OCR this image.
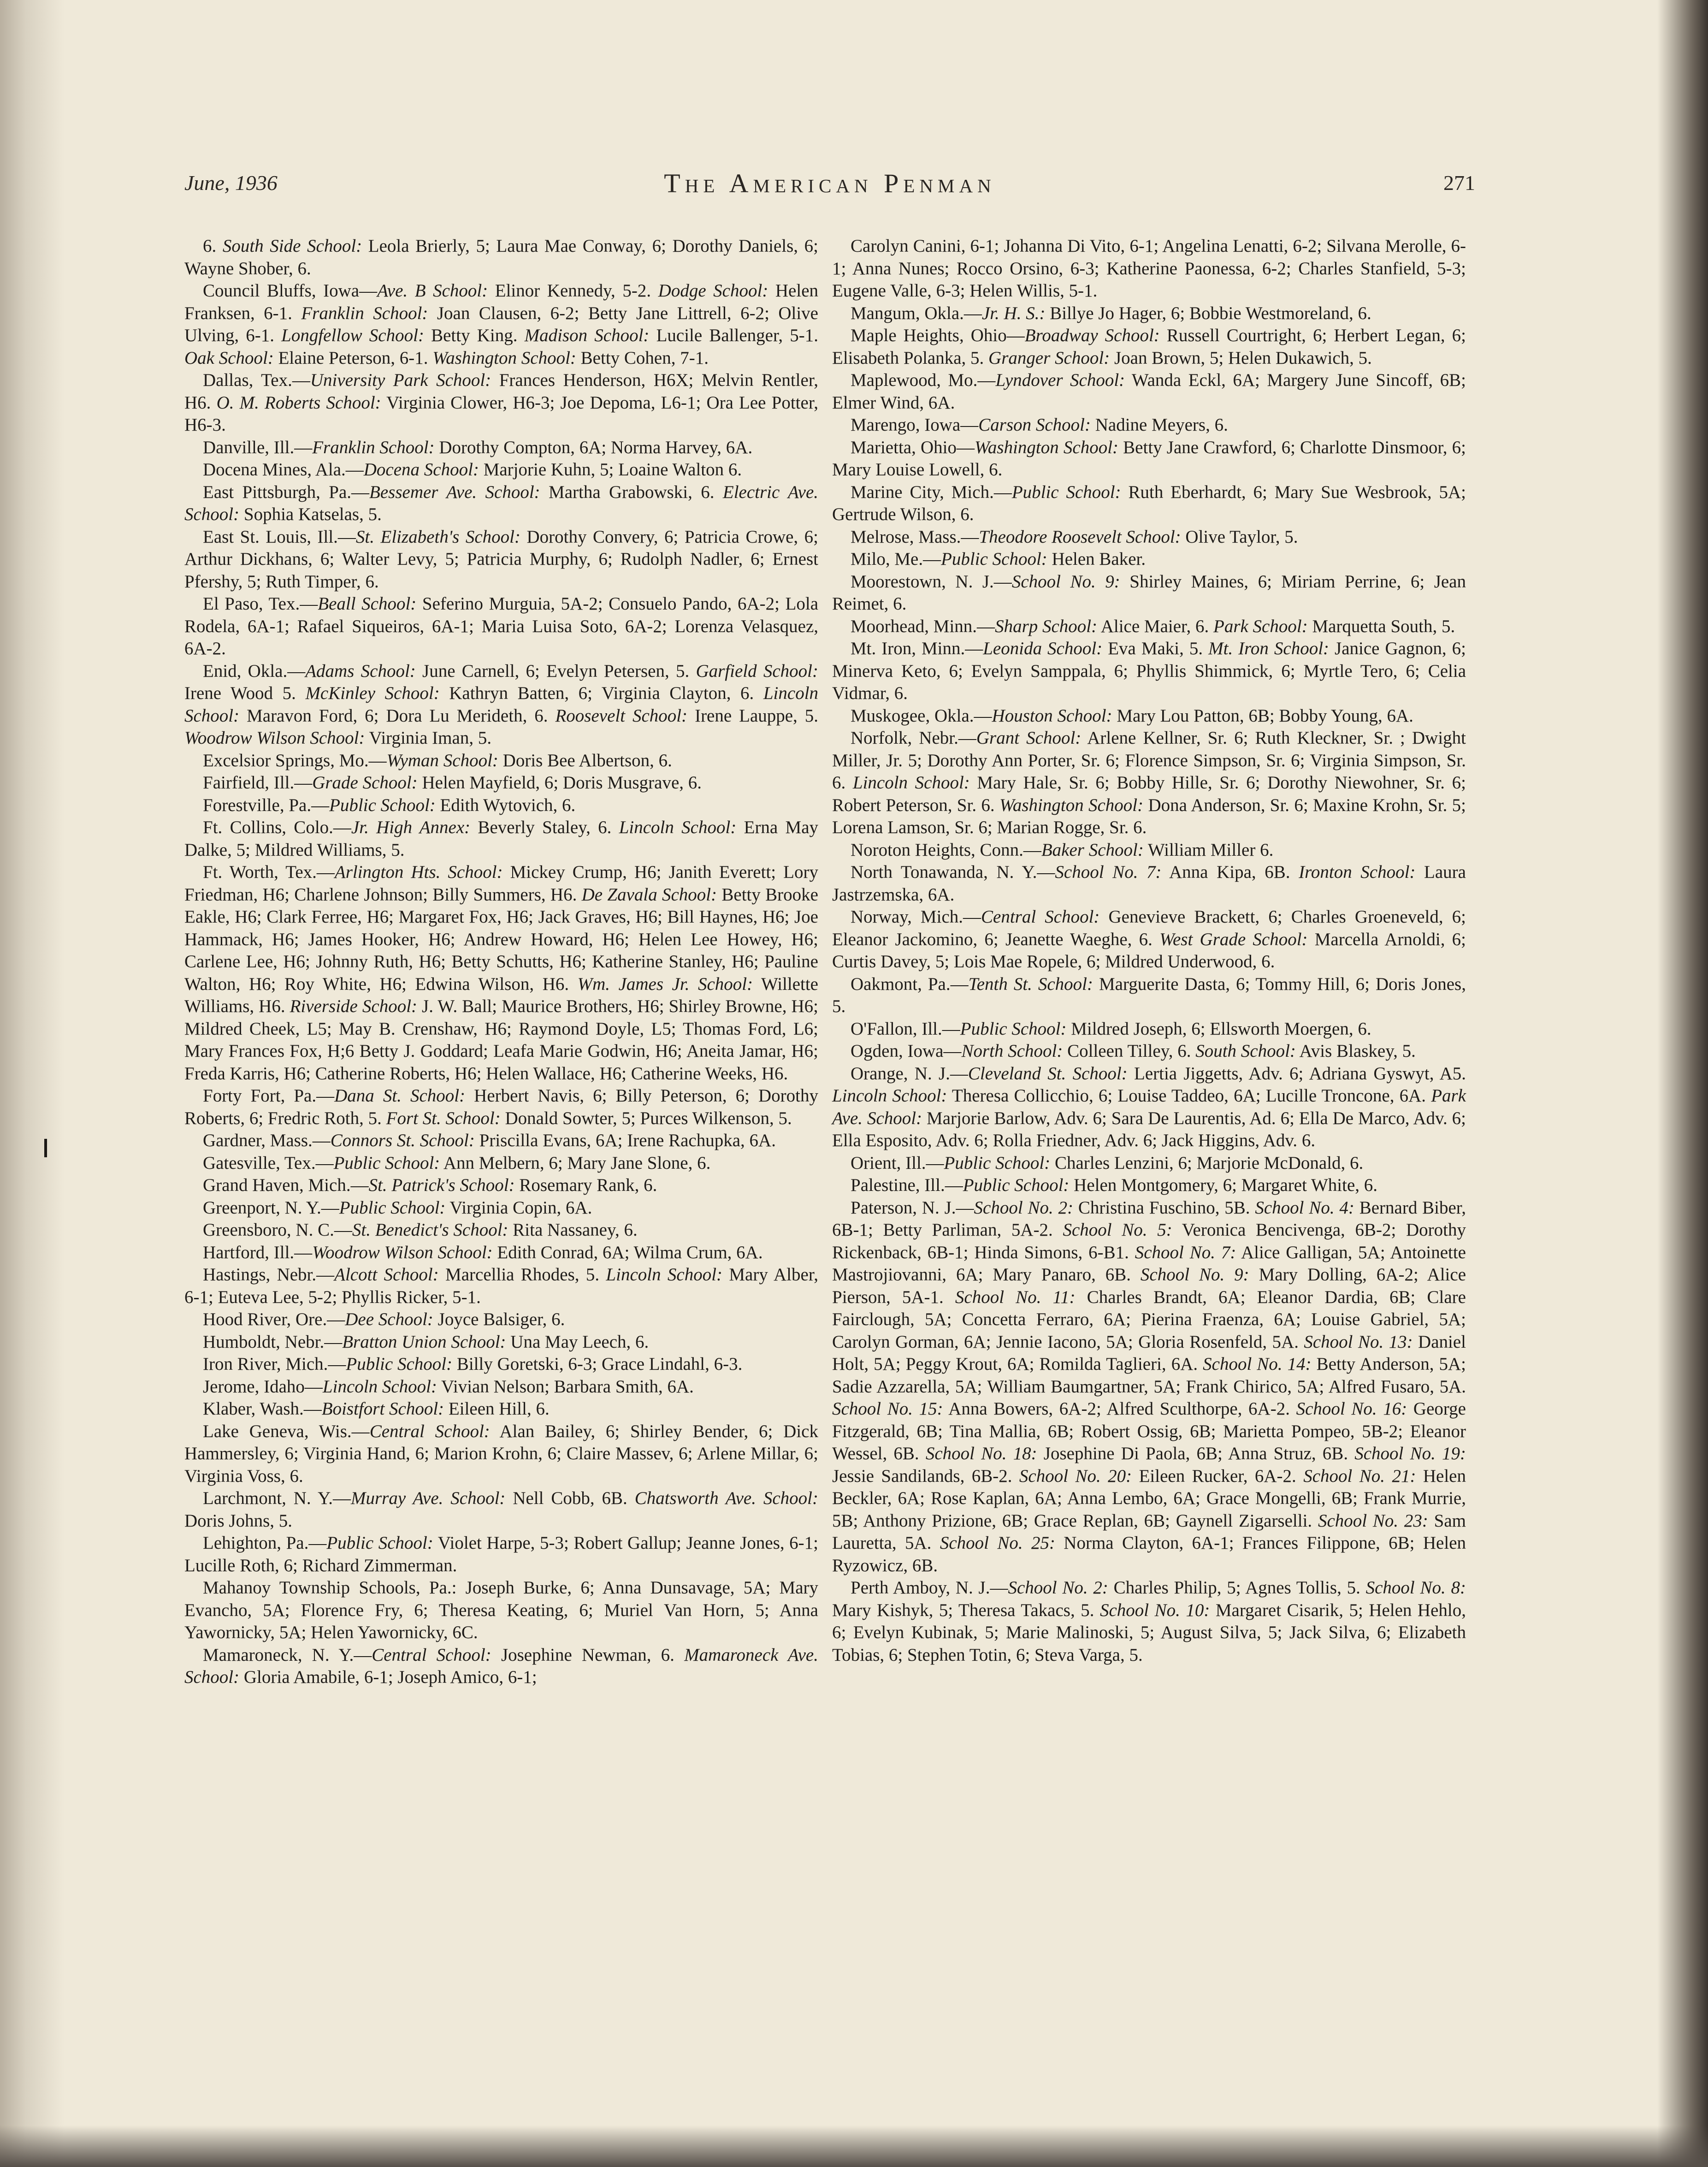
June, 1936	The American Penman	271

6. South Side School: Leola Brierly, 5; Laura Mae Conway, 6; Dorothy Daniels, 6; Wayne Shober, 6.

Council Bluffs, Iowa—Ave. B School: Elinor Kennedy, 5-2. Dodge School: Helen Franksen, 6-1. Franklin School: Joan Clausen, 6-2; Betty Jane Littrell, 6-2; Olive Ulving, 6-1. Longfellow School: Betty King. Madison School: Lucile Ballenger, 5-1. Oak School: Elaine Peterson, 6-1. Washington School: Betty Cohen, 7-1.

Dallas, Tex.—University Park School: Frances Henderson, H6X; Melvin Rentler, H6. O. M. Roberts School: Virginia Clower, H6-3; Joe Depoma, L6-1; Ora Lee Potter, H6-3.

Danville, Ill.—Franklin School: Dorothy Compton, 6A; Norma Harvey, 6A.

Docena Mines, Ala.—Docena School: Marjorie Kuhn, 5; Loaine Walton 6.

East Pittsburgh, Pa.—Bessemer Ave. School: Martha Grabowski, 6. Electric Ave. School: Sophia Katselas, 5.

East St. Louis, Ill.—St. Elizabeth's School: Dorothy Convery, 6; Patricia Crowe, 6; Arthur Dickhans, 6; Walter Levy, 5; Patricia Murphy, 6; Rudolph Nadler, 6; Ernest Pfershy, 5; Ruth Timper, 6.

El Paso, Tex.—Beall School: Seferino Murguia, 5A-2; Consuelo Pando, 6A-2; Lola Rodela, 6A-1; Rafael Siqueiros, 6A-1; Maria Luisa Soto, 6A-2; Lorenza Velasquez, 6A-2.

Enid, Okla.—Adams School: June Carnell, 6; Evelyn Petersen, 5. Garfield School: Irene Wood 5. McKinley School: Kathryn Batten, 6; Virginia Clayton, 6. Lincoln School: Maravon Ford, 6; Dora Lu Merideth, 6. Roosevelt School: Irene Lauppe, 5. Woodrow Wilson School: Virginia Iman, 5.

Excelsior Springs, Mo.—Wyman School: Doris Bee Albertson, 6.

Fairfield, Ill.—Grade School: Helen Mayfield, 6; Doris Musgrave, 6.

Forestville, Pa.—Public School: Edith Wytovich, 6.

Ft. Collins, Colo.—Jr. High Annex: Beverly Staley, 6. Lincoln School: Erna May Dalke, 5; Mildred Williams, 5.

Ft. Worth, Tex.—Arlington Hts. School: Mickey Crump, H6; Janith Everett; Lory Friedman, H6; Charlene Johnson; Billy Summers, H6. De Zavala School: Betty Brooke Eakle, H6; Clark Ferree, H6; Margaret Fox, H6; Jack Graves, H6; Bill Haynes, H6; Joe Hammack, H6; James Hooker, H6; Andrew Howard, H6; Helen Lee Howey, H6; Carlene Lee, H6; Johnny Ruth, H6; Betty Schutts, H6; Katherine Stanley, H6; Pauline Walton, H6; Roy White, H6; Edwina Wilson, H6. Wm. James Jr. School: Willette Williams, H6. Riverside School: J. W. Ball; Maurice Brothers, H6; Shirley Browne, H6; Mildred Cheek, L5; May B. Crenshaw, H6; Raymond Doyle, L5; Thomas Ford, L6; Mary Frances Fox, H;6 Betty J. Goddard; Leafa Marie Godwin, H6; Aneita Jamar, H6; Freda Karris, H6; Catherine Roberts, H6; Helen Wallace, H6; Catherine Weeks, H6.

Forty Fort, Pa.—Dana St. School: Herbert Navis, 6; Billy Peterson, 6; Dorothy Roberts, 6; Fredric Roth, 5. Fort St. School: Donald Sowter, 5; Purces Wilkenson, 5.

Gardner, Mass.—Connors St. School: Priscilla Evans, 6A; Irene Rachupka, 6A.

Gatesville, Tex.—Public School: Ann Melbern, 6; Mary Jane Slone, 6.

Grand Haven, Mich.—St. Patrick's School: Rosemary Rank, 6.

Greenport, N. Y.—Public School: Virginia Copin, 6A.

Greensboro, N. C.—St. Benedict's School: Rita Nassaney, 6.

Hartford, Ill.—Woodrow Wilson School: Edith Conrad, 6A; Wilma Crum, 6A.

Hastings, Nebr.—Alcott School: Marcellia Rhodes, 5. Lincoln School: Mary Alber, 6-1; Euteva Lee, 5-2; Phyllis Ricker, 5-1.

Hood River, Ore.—Dee School: Joyce Balsiger, 6.

Humboldt, Nebr.—Bratton Union School: Una May Leech, 6.

Iron River, Mich.—Public School: Billy Goretski, 6-3; Grace Lindahl, 6-3.

Jerome, Idaho—Lincoln School: Vivian Nelson; Barbara Smith, 6A.

Klaber, Wash.—Boistfort School: Eileen Hill, 6.

Lake Geneva, Wis.—Central School: Alan Bailey, 6; Shirley Bender, 6; Dick Hammersley, 6; Virginia Hand, 6; Marion Krohn, 6; Claire Massev, 6; Arlene Millar, 6; Virginia Voss, 6.

Larchmont, N. Y.—Murray Ave. School: Nell Cobb, 6B. Chatsworth Ave. School: Doris Johns, 5.

Lehighton, Pa.—Public School: Violet Harpe, 5-3; Robert Gallup; Jeanne Jones, 6-1; Lucille Roth, 6; Richard Zimmerman.

Mahanoy Townshiр Schools, Pa.: Joseph Burke, 6; Anna Dunsavage, 5A; Mary Evancho, 5A; Florence Fry, 6; Theresa Keating, 6; Muriel Van Horn, 5; Anna Yawornicky, 5A; Helen Yawornicky, 6C.

Mamaroneck, N. Y.—Central School: Josephine Newman, 6. Mamaroneck Ave. School: Gloria Amabile, 6-1; Joseph Amico, 6-1;

Carolyn Canini, 6-1; Johanna Di Vito, 6-1; Angelina Lenatti, 6-2; Silvana Merolle, 6-1; Anna Nunes; Rocco Orsino, 6-3; Katherine Paonessa, 6-2; Charles Stanfield, 5-3; Eugene Valle, 6-3; Helen Willis, 5-1.

Mangum, Okla.—Jr. H. S.: Billye Jo Hager, 6; Bobbie Westmoreland, 6.

Maple Heights, Ohio—Broadway School: Russell Courtright, 6; Herbert Legan, 6; Elisabeth Polanka, 5. Granger School: Joan Brown, 5; Helen Dukawich, 5.

Maplewood, Mo.—Lyndover School: Wanda Eckl, 6A; Margery June Sincoff, 6B; Elmer Wind, 6A.

Marengo, Iowa—Carson School: Nadine Meyers, 6.

Marietta, Ohio—Washington School: Betty Jane Crawford, 6; Charlotte Dinsmoor, 6; Mary Louise Lowell, 6.

Marine City, Mich.—Public School: Ruth Eberhardt, 6; Mary Sue Wesbrook, 5A; Gertrude Wilson, 6.

Melrose, Mass.—Theodore Roosevelt School: Olive Taylor, 5.

Milo, Me.—Public School: Helen Baker.

Moorestown, N. J.—School No. 9: Shirley Maines, 6; Miriam Perrine, 6; Jean Reimet, 6.

Moorhead, Minn.—Sharp School: Alice Maier, 6. Park School: Marquetta South, 5.

Mt. Iron, Minn.—Leonida School: Eva Maki, 5. Mt. Iron School: Janice Gagnon, 6; Minerva Keto, 6; Evelyn Samppala, 6; Phyllis Shimmick, 6; Myrtle Tero, 6; Celia Vidmar, 6.

Muskogee, Okla.—Houston School: Mary Lou Patton, 6B; Bobby Young, 6A.

Norfolk, Nebr.—Grant School: Arlene Kellner, Sr. 6; Ruth Kleckner, Sr. ; Dwight Miller, Jr. 5; Dorothy Ann Porter, Sr. 6; Florence Simpson, Sr. 6; Virginia Simpson, Sr. 6. Lincoln School: Mary Hale, Sr. 6; Bobby Hille, Sr. 6; Dorothy Niewohner, Sr. 6; Robert Peterson, Sr. 6. Washington School: Dona Anderson, Sr. 6; Maxine Krohn, Sr. 5; Lorena Lamson, Sr. 6; Marian Rogge, Sr. 6.

Noroton Heights, Conn.—Baker School: William Miller 6.

North Tonawanda, N. Y.—School No. 7: Anna Kipa, 6B. Ironton School: Laura Jastrzemska, 6A.

Norway, Mich.—Central School: Genevieve Brackett, 6; Charles Groeneveld, 6; Eleanor Jackomino, 6; Jeanette Waeghe, 6. West Grade School: Marcella Arnoldi, 6; Curtis Davey, 5; Lois Mae Ropele, 6; Mildred Underwood, 6.

Oakmont, Pa.—Tenth St. School: Marguerite Dasta, 6; Tommy Hill, 6; Doris Jones, 5.

O'Fallon, Ill.—Public School: Mildred Joseph, 6; Ellsworth Moergen, 6.

Ogden, Iowa—North School: Colleen Tilley, 6. South School: Avis Blaskey, 5.

Orange, N. J.—Cleveland St. School: Lertia Jiggetts, Adv. 6; Adriana Gyswyt, A5. Lincoln School: Theresa Collicchio, 6; Louise Taddeo, 6A; Lucille Troncone, 6A. Park Ave. School: Marjorie Barlow, Adv. 6; Sara De Laurentis, Ad. 6; Ella De Marco, Adv. 6; Ella Esposito, Adv. 6; Rolla Friedner, Adv. 6; Jack Higgins, Adv. 6.

Orient, Ill.—Public School: Charles Lenzini, 6; Marjorie McDonald, 6.

Palestine, Ill.—Public School: Helen Montgomery, 6; Margaret White, 6.

Paterson, N. J.—School No. 2: Christina Fuschino, 5B. School No. 4: Bernard Biber, 6B-1; Betty Parliman, 5A-2. School No. 5: Veronica Bencivenga, 6B-2; Dorothy Rickenback, 6B-1; Hinda Simons, 6-B1. School No. 7: Alice Galligan, 5A; Antoinette Mastrojiovanni, 6A; Mary Panaro, 6B. School No. 9: Mary Dolling, 6A-2; Alice Pierson, 5A-1. School No. 11: Charles Brandt, 6A; Eleanor Dardia, 6B; Clare Fairclough, 5A; Concetta Ferraro, 6A; Pierina Fraenza, 6A; Louise Gabriel, 5A; Carolyn Gorman, 6A; Jennie Iacono, 5A; Gloria Rosenfeld, 5A. School No. 13: Daniel Holt, 5A; Peggy Krout, 6A; Romilda Taglieri, 6A. School No. 14: Betty Anderson, 5A; Sadie Azzarella, 5A; William Baumgartner, 5A; Frank Chirico, 5A; Alfred Fusaro, 5A. School No. 15: Anna Bowers, 6A-2; Alfred Sculthorpe, 6A-2. School No. 16: George Fitzgerald, 6B; Tina Mallia, 6B; Robert Ossig, 6B; Marietta Pompeo, 5B-2; Eleanor Wessel, 6B. School No. 18: Josephine Di Paola, 6B; Anna Struz, 6B. School No. 19: Jessie Sandilands, 6B-2. School No. 20: Eileen Rucker, 6A-2. School No. 21: Helen Beckler, 6A; Rose Kaplan, 6A; Anna Lembo, 6A; Grace Mongelli, 6B; Frank Murrie, 5B; Anthony Prizione, 6B; Grace Replan, 6B; Gaynell Zigarselli. School No. 23: Sam Lauretta, 5A. School No. 25: Norma Clayton, 6A-1; Frances Filippone, 6B; Helen Ryzowicz, 6B.

Perth Amboy, N. J.—School No. 2: Charles Philip, 5; Agnes Tollis, 5. School No. 8: Mary Kishyk, 5; Theresa Takacs, 5. School No. 10: Margaret Cisarik, 5; Helen Hehlo, 6; Evelyn Kubinak, 5; Marie Malinoski, 5; August Silva, 5; Jack Silva, 6; Elizabeth Tobias, 6; Stephen Totin, 6; Steva Varga, 5.
